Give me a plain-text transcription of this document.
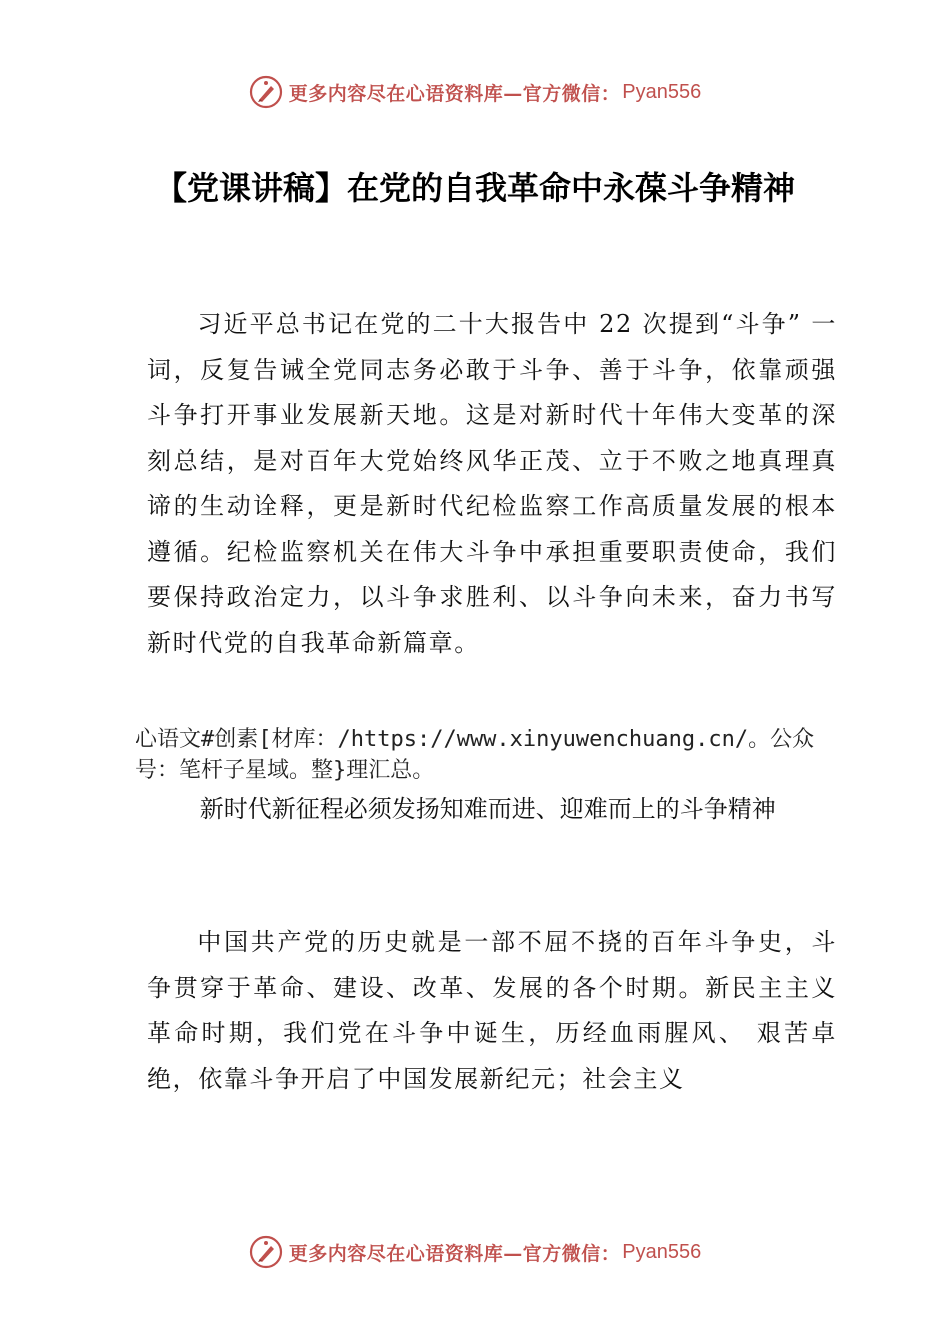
更多内容尽在心语资料库—官方微信： Pyan556
【党课讲稿】在党的自我革命中永葆斗争精神

习近平总书记在党的二十大报告中 22 次提到“斗争” 一词，反复告诫全党同志务必敢于斗争、善于斗争，依靠顽强斗争打开事业发展新天地。这是对新时代十年伟大变革的深刻总结，是对百年大党始终风华正茂、立于不败之地真理真谛的生动诠释，更是新时代纪检监察工作高质量发展的根本遵循。纪检监察机关在伟大斗争中承担重要职责使命，我们要保持政治定力，以斗争求胜利、以斗争向未来，奋力书写新时代党的自我革命新篇章。

心语文#创素[材库：/https://www.xinyuwenchuang.cn/。公众号：笔杆子星域。整}理汇总。

新时代新征程必须发扬知难而进、迎难而上的斗争精神

中国共产党的历史就是一部不屈不挠的百年斗争史，斗争贯穿于革命、建设、改革、发展的各个时期。新民主主义革命时期，我们党在斗争中诞生，历经血雨腥风、 艰苦卓绝，依靠斗争开启了中国发展新纪元；社会主义

更多内容尽在心语资料库—官方微信： Pyan556
